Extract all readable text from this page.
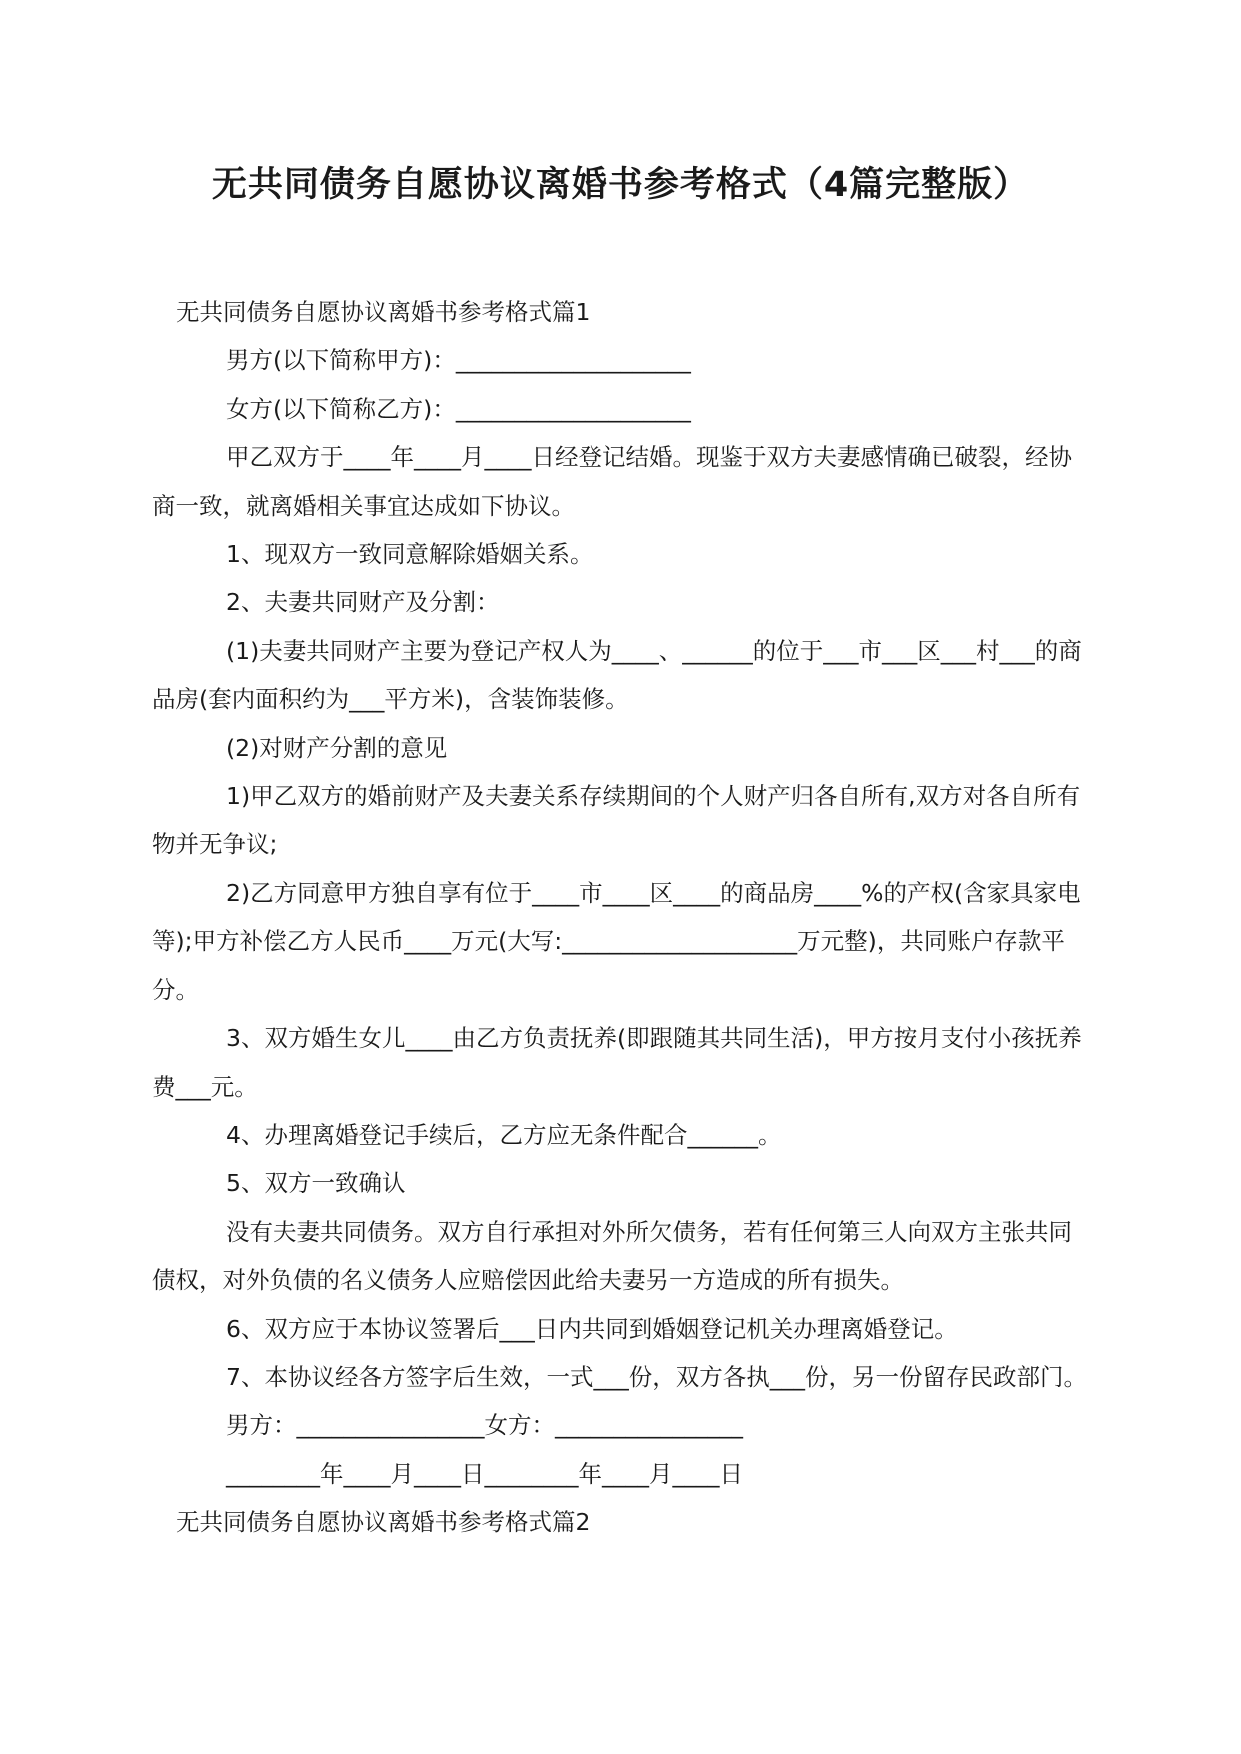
无共同债务自愿协议离婚书参考格式（4篇完整版）

无共同债务自愿协议离婚书参考格式篇1

男方(以下简称甲方)：____________________

女方(以下简称乙方)：____________________

甲乙双方于____年____月____日经登记结婚。现鉴于双方夫妻感情确已破裂，经协商一致，就离婚相关事宜达成如下协议。

1、现双方一致同意解除婚姻关系。

2、夫妻共同财产及分割：

(1)夫妻共同财产主要为登记产权人为____、______的位于___市___区___村___的商品房(套内面积约为___平方米)，含装饰装修。

(2)对财产分割的意见

1)甲乙双方的婚前财产及夫妻关系存续期间的个人财产归各自所有,双方对各自所有物并无争议;

2)乙方同意甲方独自享有位于____市____区____的商品房____%的产权(含家具家电等);甲方补偿乙方人民币____万元(大写:____________________万元整)，共同账户存款平分。

3、双方婚生女儿____由乙方负责抚养(即跟随其共同生活)，甲方按月支付小孩抚养费___元。

4、办理离婚登记手续后，乙方应无条件配合______。

5、双方一致确认

没有夫妻共同债务。双方自行承担对外所欠债务，若有任何第三人向双方主张共同债权，对外负债的名义债务人应赔偿因此给夫妻另一方造成的所有损失。

6、双方应于本协议签署后___日内共同到婚姻登记机关办理离婚登记。

7、本协议经各方签字后生效，一式___份，双方各执___份，另一份留存民政部门。

男方：________________女方：________________

________年____月____日________年____月____日

无共同债务自愿协议离婚书参考格式篇2
